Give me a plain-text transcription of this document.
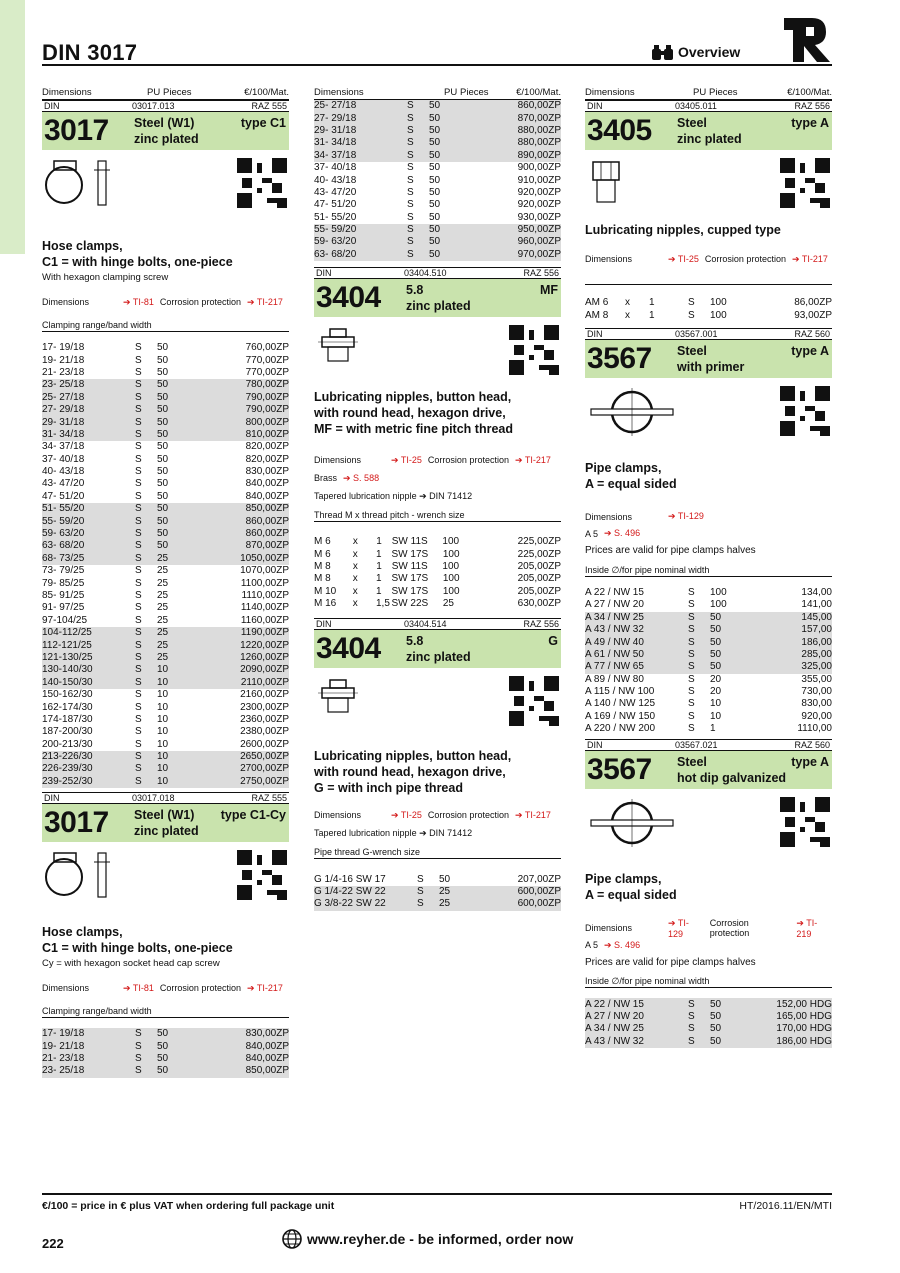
DIN 3017	Overview
Dimensions	PU Pieces	€/100/Mat.
DIN	03017.013	RAZ 555
3017	Steel (W1)
zinc plated
type C1
Hose clamps,
C1 = with hinge bolts, one-piece
With hexagon clamping screw
Dimensions	➔ TI-81 Corrosion protection ➔ TI-217
Clamping range/band width
17- 19/18	S	50	760,00ZP
19- 21/18	S	50	770,00ZP
21- 23/18	S	50	770,00ZP
23- 25/18	S	50	780,00ZP
25- 27/18	S	50	790,00ZP
27- 29/18	S	50	790,00ZP
29- 31/18	S	50	800,00ZP
31- 34/18	S	50	810,00ZP
34- 37/18	S	50	820,00ZP
37- 40/18	S	50	820,00ZP
40- 43/18	S	50	830,00ZP
43- 47/20	S	50	840,00ZP
47- 51/20	S	50	840,00ZP
51- 55/20	S	50	850,00ZP
55- 59/20	S	50	860,00ZP
59- 63/20	S	50	860,00ZP
63- 68/20	S	50	870,00ZP
68- 73/25	S	25	1050,00ZP
73- 79/25	S	25	1070,00ZP
79- 85/25	S	25	1100,00ZP
85- 91/25	S	25	1110,00ZP
91- 97/25	S	25	1140,00ZP
97-104/25	S	25	1160,00ZP
104-112/25	S	25	1190,00ZP
112-121/25	S	25	1220,00ZP
121-130/25	S	25	1260,00ZP
130-140/30	S	10	2090,00ZP
140-150/30	S	10	2110,00ZP
150-162/30	S	10	2160,00ZP
162-174/30	S	10	2300,00ZP
174-187/30	S	10	2360,00ZP
187-200/30	S	10	2380,00ZP
200-213/30	S	10	2600,00ZP
213-226/30	S	10	2650,00ZP
226-239/30	S	10	2700,00ZP
239-252/30	S	10	2750,00ZP
DIN	03017.018	RAZ 555
3017	Steel (W1)
zinc plated
type C1-Cy
Hose clamps,
C1 = with hinge bolts, one-piece
Cy = with hexagon socket head cap screw
Dimensions	➔ TI-81 Corrosion protection ➔ TI-217
Clamping range/band width
17- 19/18	S	50	830,00ZP
19- 21/18	S	50	840,00ZP
21- 23/18	S	50	840,00ZP
23- 25/18	S	50	850,00ZP
Dimensions	PU Pieces	€/100/Mat.
25- 27/18	S	50	860,00ZP
27- 29/18	S	50	870,00ZP
29- 31/18	S	50	880,00ZP
31- 34/18	S	50	880,00ZP
34- 37/18	S	50	890,00ZP
37- 40/18	S	50	900,00ZP
40- 43/18	S	50	910,00ZP
43- 47/20	S	50	920,00ZP
47- 51/20	S	50	920,00ZP
51- 55/20	S	50	930,00ZP
55- 59/20	S	50	950,00ZP
59- 63/20	S	50	960,00ZP
63- 68/20	S	50	970,00ZP
DIN	03404.510	RAZ 556
3404	5.8
zinc plated
MF
Lubricating nipples, button head,
with round head, hexagon drive,
MF = with metric fine pitch thread
Dimensions	➔ TI-25 Corrosion protection ➔ TI-217
Brass ➔ S. 588
Tapered lubrication nipple ➔ DIN 71412
Thread M x thread pitch - wrench size
M 6	x	1 SW 11 S	100	225,00ZP
M 6	x	1 SW 17 S	100	225,00ZP
M 8	x	1 SW 11 S	100	205,00ZP
M 8	x	1 SW 17 S	100	205,00ZP
M 10	x	1 SW 17 S	100	205,00ZP
M 16	x	1,5 SW 22 S	25	630,00ZP
DIN	03404.514	RAZ 556
3404	5.8
zinc plated
G
Lubricating nipples, button head,
with round head, hexagon drive,
G = with inch pipe thread
Dimensions	➔ TI-25 Corrosion protection ➔ TI-217
Tapered lubrication nipple ➔ DIN 71412
Pipe thread G-wrench size
G 1/4-16 SW 17	S	50	207,00ZP
G 1/4-22 SW 22	S	25	600,00ZP
G 3/8-22 SW 22	S	25	600,00ZP
Dimensions	PU Pieces	€/100/Mat.
DIN	03405.011	RAZ 556
3405	Steel
zinc plated
type A
Lubricating nipples, cupped type
Dimensions	➔ TI-25 Corrosion protection ➔ TI-217
AM 6	x	1	S	100	86,00ZP
AM 8	x	1	S	100	93,00ZP
DIN	03567.001	RAZ 560
3567	Steel
with primer
type A
Pipe clamps,
A = equal sided
Dimensions	➔ TI-129
A 5 ➔ S. 496
Prices are valid for pipe clamps halves
Inside ∅/for pipe nominal width
A 22 / NW 15	S	100	134,00
A 27 / NW 20	S	100	141,00
A 34 / NW 25	S	50	145,00
A 43 / NW 32	S	50	157,00
A 49 / NW 40	S	50	186,00
A 61 / NW 50	S	50	285,00
A 77 / NW 65	S	50	325,00
A 89 / NW 80	S	20	355,00
A 115 / NW 100	S	20	730,00
A 140 / NW 125	S	10	830,00
A 169 / NW 150	S	10	920,00
A 220 / NW 200	S	1	1110,00
DIN	03567.021	RAZ 560
3567	Steel
hot dip galvanized
type A
Pipe clamps,
A = equal sided
Dimensions
➔ TI-129
Corrosion protection
➔ TI-219
A 5 ➔ S. 496
Prices are valid for pipe clamps halves
Inside ∅/for pipe nominal width
A 22 / NW 15	S	50	152,00 HDG
A 27 / NW 20	S	50	165,00 HDG
A 34 / NW 25	S	50	170,00 HDG
A 43 / NW 32	S	50	186,00 HDG
€/100 = price in € plus VAT when ordering full package unit	HT/2016.11/EN/MTI
222	www.reyher.de - be informed, order now
